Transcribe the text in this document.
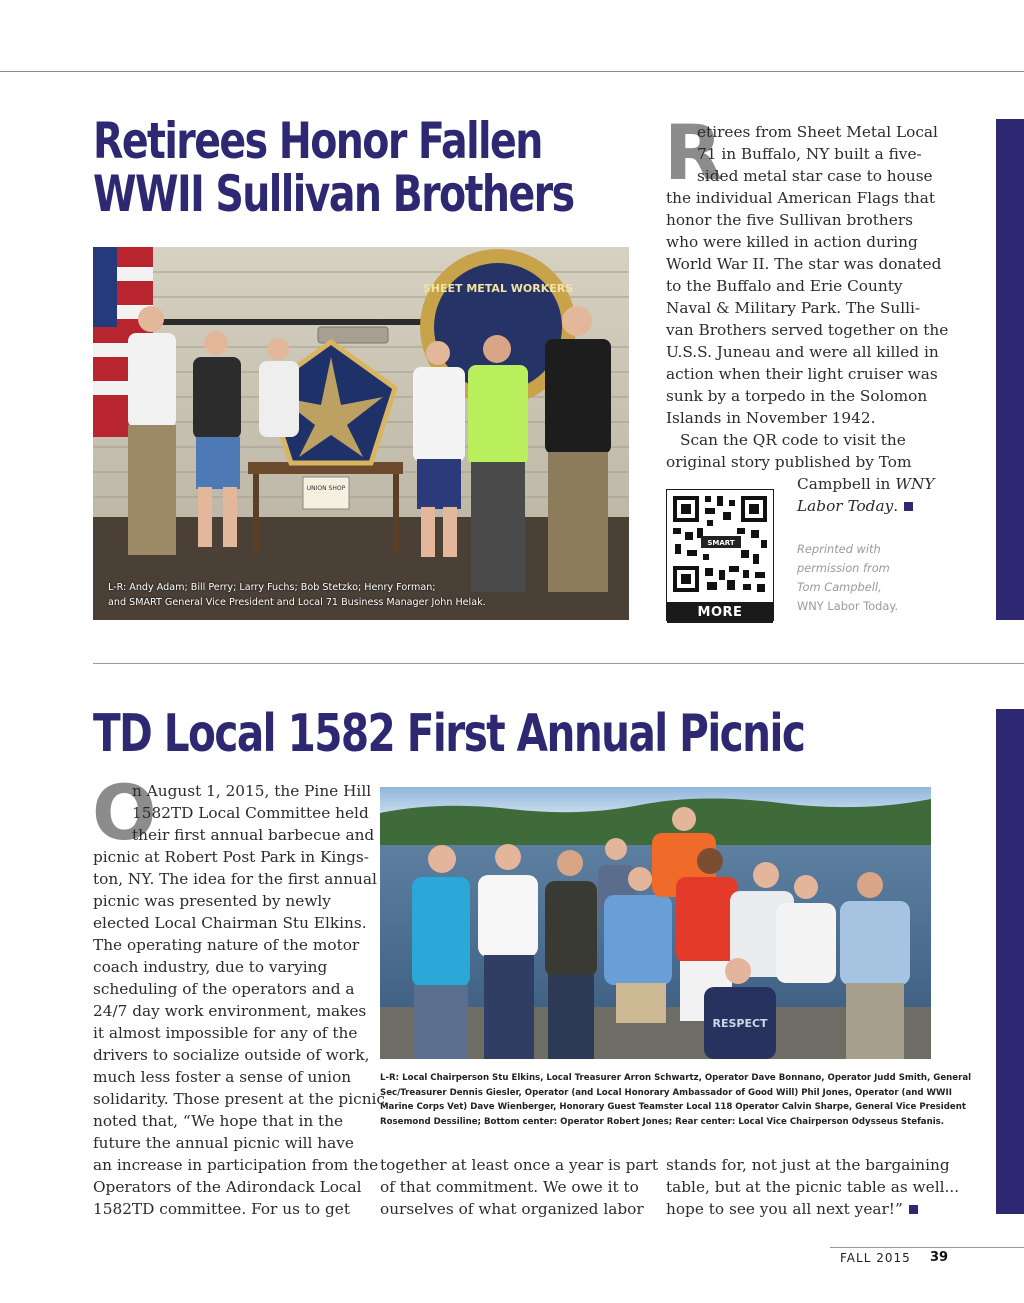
Retirees Honor Fallen
WWII Sullivan Brothers
SHEET METAL WORKERS
UNION SHOP
L-R: Andy Adam; Bill Perry; Larry Fuchs; Bob Stetzko; Henry Forman;
and SMART General Vice President and Local 71 Business Manager John Helak.
R
etirees from Sheet Metal Local
71 in Buffalo, NY built a five-
sided metal star case to house
the individual American Flags that
honor the five Sullivan brothers
who were killed in action during
World War II. The star was donated
to the Buffalo and Erie County
Naval & Military Park. The Sulli-
van Brothers served together on the
U.S.S. Juneau and were all killed in
action when their light cruiser was
sunk by a torpedo in the Solomon
Islands in November 1942.
Scan the QR code to visit the
original story published by Tom
Campbell in WNY
Labor Today.
SMART
MORE ONLINE
Reprinted with
permission from
Tom Campbell,
WNY Labor Today.
TD Local 1582 First Annual Picnic
O
n August 1, 2015, the Pine Hill
1582TD Local Committee held
their first annual barbecue and
picnic at Robert Post Park in Kings-
ton, NY. The idea for the first annual
picnic was presented by newly
elected Local Chairman Stu Elkins.
The operating nature of the motor
coach industry, due to varying
scheduling of the operators and a
24/7 day work environment, makes
it almost impossible for any of the
drivers to socialize outside of work,
much less foster a sense of union
solidarity. Those present at the picnic
noted that, “We hope that in the
future the annual picnic will have
an increase in participation from the
Operators of the Adirondack Local
1582TD committee. For us to get
RESPECT
L-R: Local Chairperson Stu Elkins, Local Treasurer Arron Schwartz, Operator Dave Bonnano, Operator Judd Smith, General
Sec/Treasurer Dennis Giesler, Operator (and Local Honorary Ambassador of Good Will) Phil Jones, Operator (and WWII
Marine Corps Vet) Dave Wienberger, Honorary Guest Teamster Local 118 Operator Calvin Sharpe, General Vice President
Rosemond Dessiline; Bottom center: Operator Robert Jones; Rear center: Local Vice Chairperson Odysseus Stefanis.
together at least once a year is part
of that commitment. We owe it to
ourselves of what organized labor
stands for, not just at the bargaining
table, but at the picnic table as well...
hope to see you all next year!”
FALL 2015 39
